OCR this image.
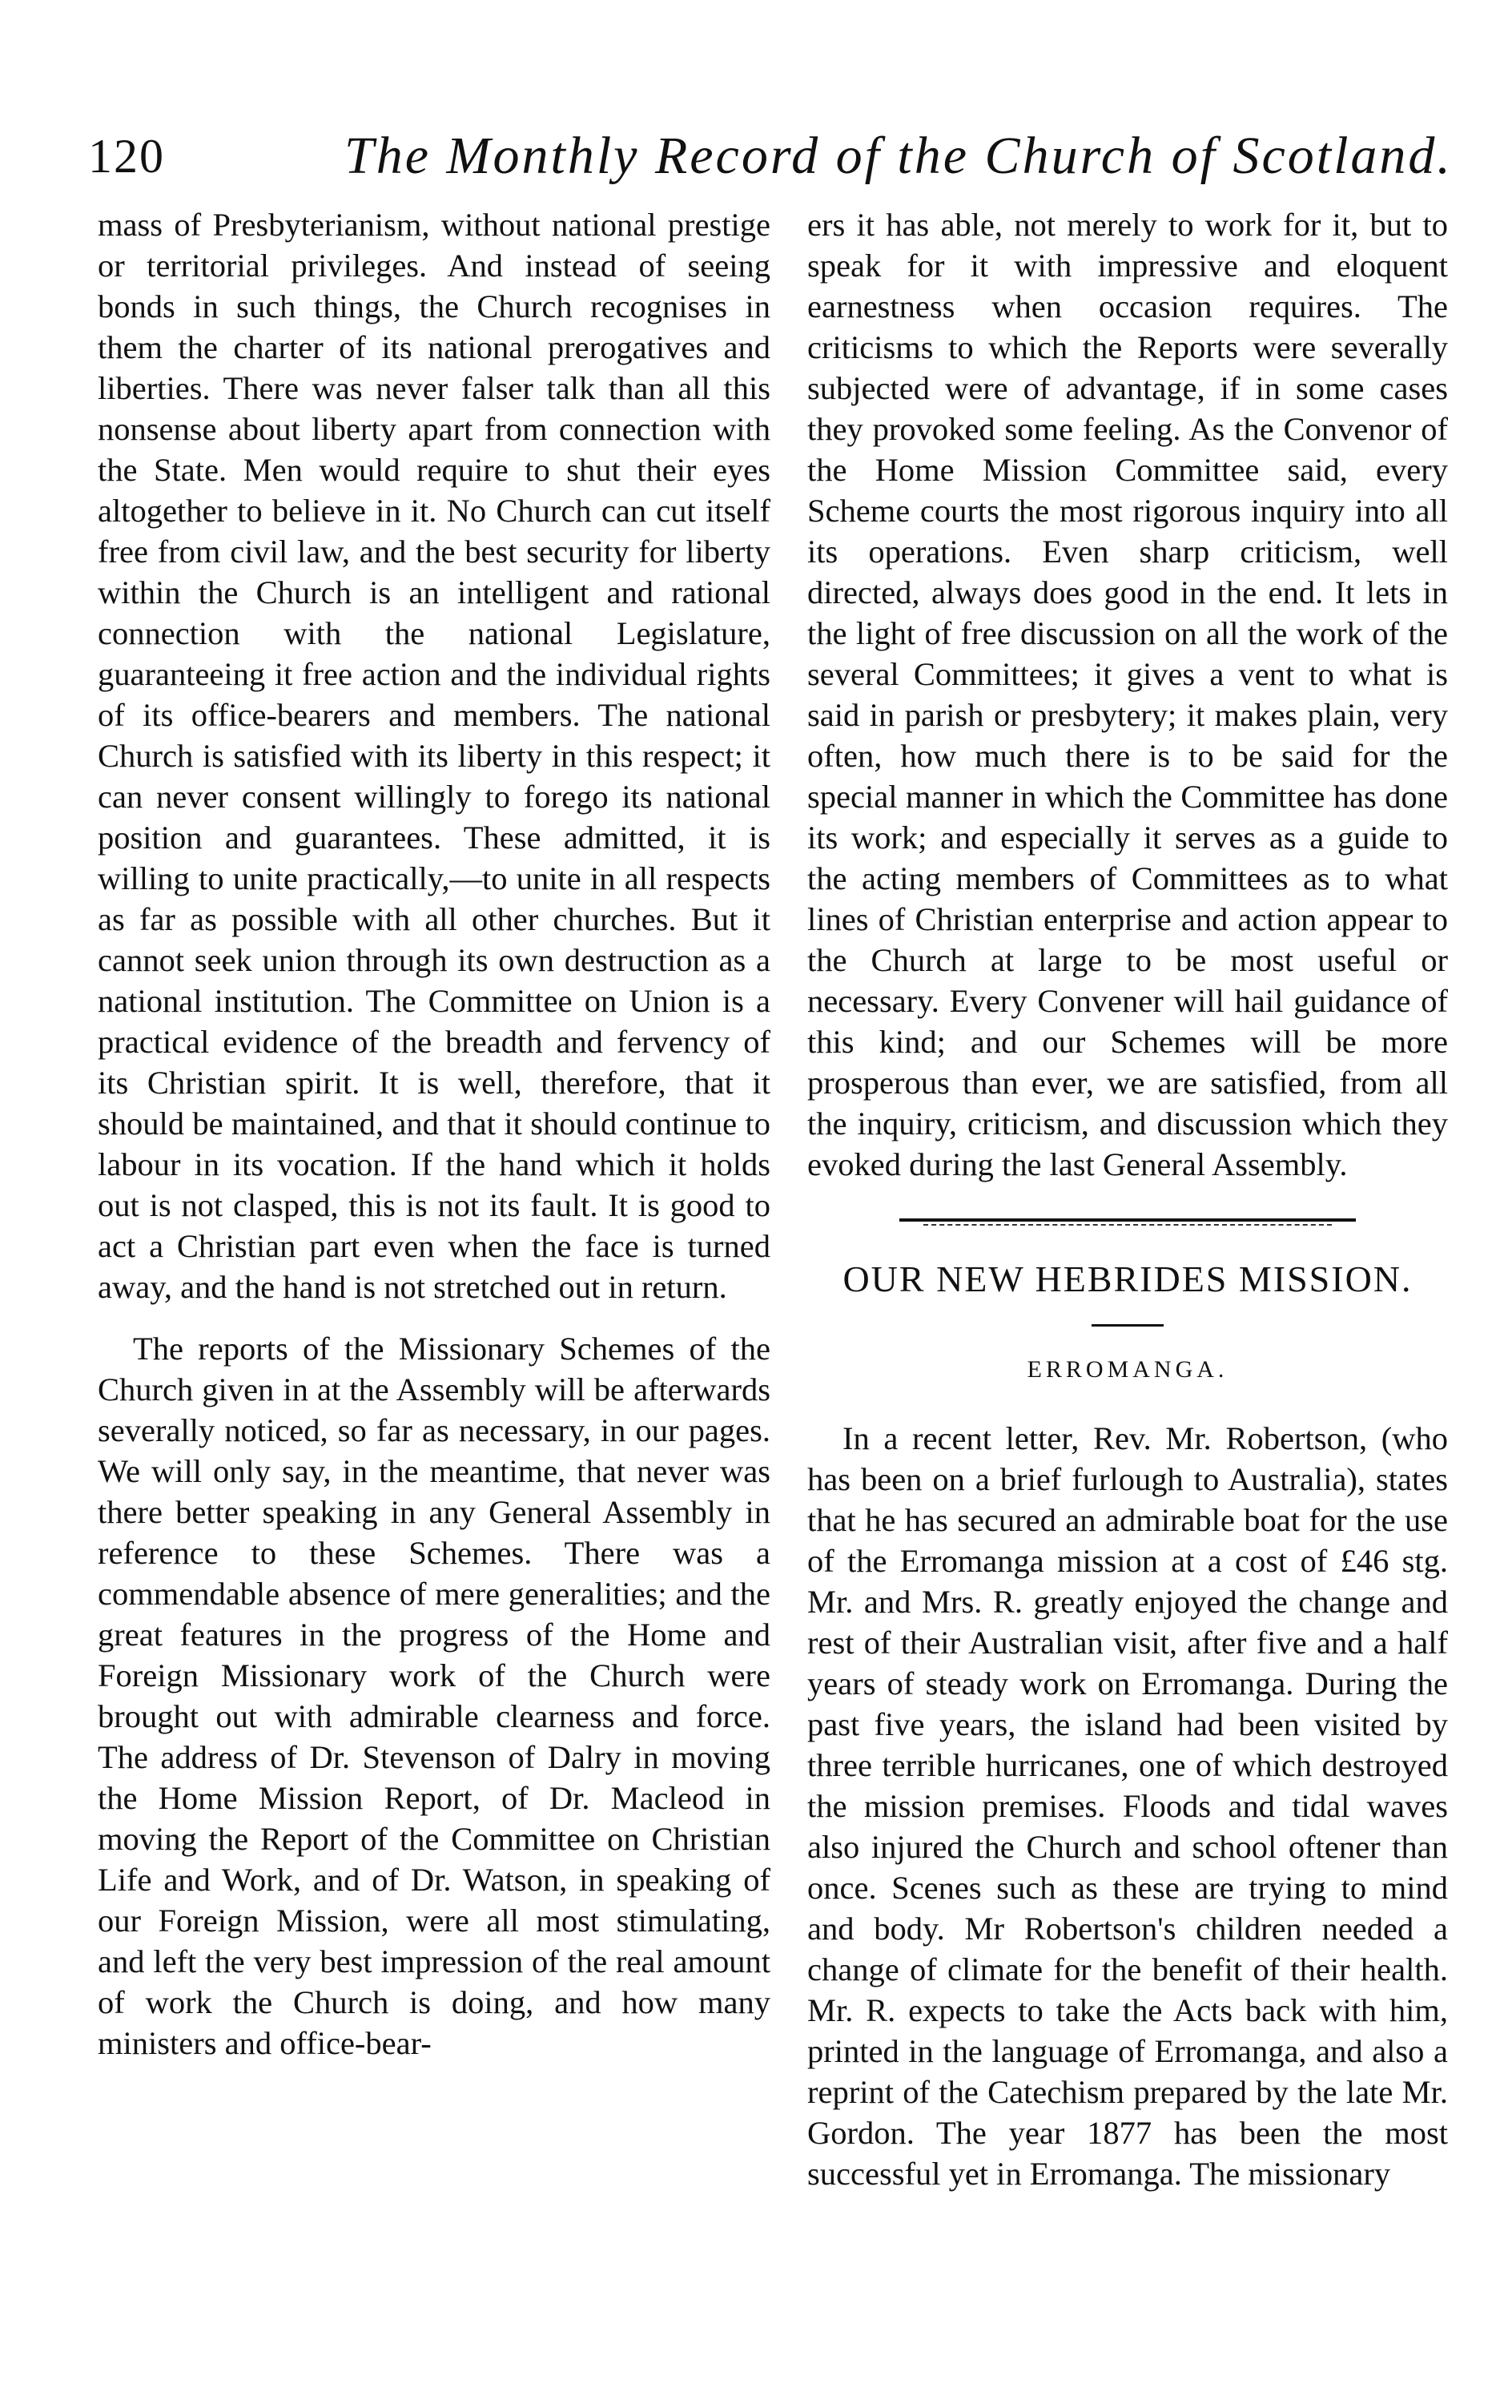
120	The Monthly Record of the Church of Scotland.

mass of Presbyterianism, without national prestige or territorial privileges. And instead of seeing bonds in such things, the Church recognises in them the charter of its national prerogatives and liberties. There was never falser talk than all this nonsense about liberty apart from connection with the State. Men would require to shut their eyes altogether to believe in it. No Church can cut itself free from civil law, and the best security for liberty within the Church is an intelligent and rational connection with the national Legislature, guaranteeing it free action and the individual rights of its office-bearers and members. The national Church is satisfied with its liberty in this respect; it can never consent willingly to forego its national position and guarantees. These admitted, it is willing to unite practically,—to unite in all respects as far as possible with all other churches. But it cannot seek union through its own destruction as a national institution. The Committee on Union is a practical evidence of the breadth and fervency of its Christian spirit. It is well, therefore, that it should be maintained, and that it should continue to labour in its vocation. If the hand which it holds out is not clasped, this is not its fault. It is good to act a Christian part even when the face is turned away, and the hand is not stretched out in return.

The reports of the Missionary Schemes of the Church given in at the Assembly will be afterwards severally noticed, so far as necessary, in our pages. We will only say, in the meantime, that never was there better speaking in any General Assembly in reference to these Schemes. There was a commendable absence of mere generalities; and the great features in the progress of the Home and Foreign Missionary work of the Church were brought out with admirable clearness and force. The address of Dr. Stevenson of Dalry in moving the Home Mission Report, of Dr. Macleod in moving the Report of the Committee on Christian Life and Work, and of Dr. Watson, in speaking of our Foreign Mission, were all most stimulating, and left the very best impression of the real amount of work the Church is doing, and how many ministers and office-bear-

ers it has able, not merely to work for it, but to speak for it with impressive and eloquent earnestness when occasion requires. The criticisms to which the Reports were severally subjected were of advantage, if in some cases they provoked some feeling. As the Convenor of the Home Mission Committee said, every Scheme courts the most rigorous inquiry into all its operations. Even sharp criticism, well directed, always does good in the end. It lets in the light of free discussion on all the work of the several Committees; it gives a vent to what is said in parish or presbytery; it makes plain, very often, how much there is to be said for the special manner in which the Committee has done its work; and especially it serves as a guide to the acting members of Committees as to what lines of Christian enterprise and action appear to the Church at large to be most useful or necessary. Every Convener will hail guidance of this kind; and our Schemes will be more prosperous than ever, we are satisfied, from all the inquiry, criticism, and discussion which they evoked during the last General Assembly.

OUR NEW HEBRIDES MISSION.
ERROMANGA.

In a recent letter, Rev. Mr. Robertson, (who has been on a brief furlough to Australia), states that he has secured an admirable boat for the use of the Erromanga mission at a cost of £46 stg. Mr. and Mrs. R. greatly enjoyed the change and rest of their Australian visit, after five and a half years of steady work on Erromanga. During the past five years, the island had been visited by three terrible hurricanes, one of which destroyed the mission premises. Floods and tidal waves also injured the Church and school oftener than once. Scenes such as these are trying to mind and body. Mr Robertson's children needed a change of climate for the benefit of their health. Mr. R. expects to take the Acts back with him, printed in the language of Erromanga, and also a reprint of the Catechism prepared by the late Mr. Gordon. The year 1877 has been the most successful yet in Erromanga. The missionary
